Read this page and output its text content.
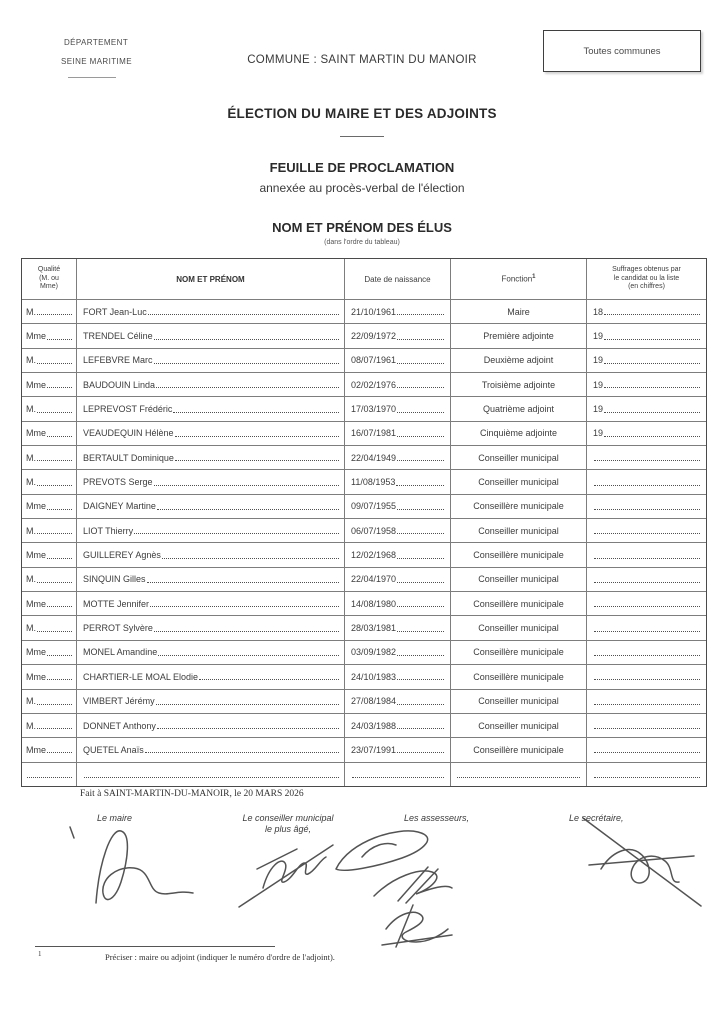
DÉPARTEMENT
SEINE MARITIME	COMMUNE : SAINT MARTIN DU MANOIR
Toutes communes
ÉLECTION DU MAIRE ET DES ADJOINTS
FEUILLE DE PROCLAMATION
annexée au procès-verbal de l'élection
NOM ET PRÉNOM DES ÉLUS
(dans l'ordre du tableau)
Qualité
(M. ou
Mme)
NOM ET PRÉNOM	Date de naissance	Fonction$^1$
Suffrages obtenus par
le candidat ou la liste
(en chiffres)
M.	FORT Jean-Luc	21/10/1961	Maire	18
Mme	TRENDEL Céline	22/09/1972	Première adjointe	19
M.	LEFEBVRE Marc	08/07/1961	Deuxième adjoint	19
Mme	BAUDOUIN Linda	02/02/1976	Troisième adjointe	19
M.	LEPREVOST Frédéric	17/03/1970	Quatrième adjoint	19
Mme	VEAUDEQUIN Hélène	16/07/1981	Cinquième adjointe	19
M.	BERTAULT Dominique	22/04/1949	Conseiller municipal
M.	PREVOTS Serge	11/08/1953	Conseiller municipal
Mme	DAIGNEY Martine	09/07/1955	Conseillère municipale
M.	LIOT Thierry	06/07/1958	Conseiller municipal
Mme	GUILLEREY Agnès	12/02/1968	Conseillère municipale
M.	SINQUIN Gilles	22/04/1970	Conseiller municipal
Mme	MOTTE Jennifer	14/08/1980	Conseillère municipale
M.	PERROT Sylvère	28/03/1981	Conseiller municipal
Mme	MONEL Amandine	03/09/1982	Conseillère municipale
Mme	CHARTIER-LE MOAL Elodie	24/10/1983	Conseillère municipale
M.	VIMBERT Jérémy	27/08/1984	Conseiller municipal
M.	DONNET Anthony	24/03/1988	Conseiller municipal
Mme	QUETEL Anaïs	23/07/1991	Conseillère municipale
Fait à SAINT-MARTIN-DU-MANOIR, le 20 MARS 2026
Le maire	Le conseiller municipal
le plus âgé,
Les assesseurs,	Le secrétaire,
1	Préciser : maire ou adjoint (indiquer le numéro d'ordre de l'adjoint).
